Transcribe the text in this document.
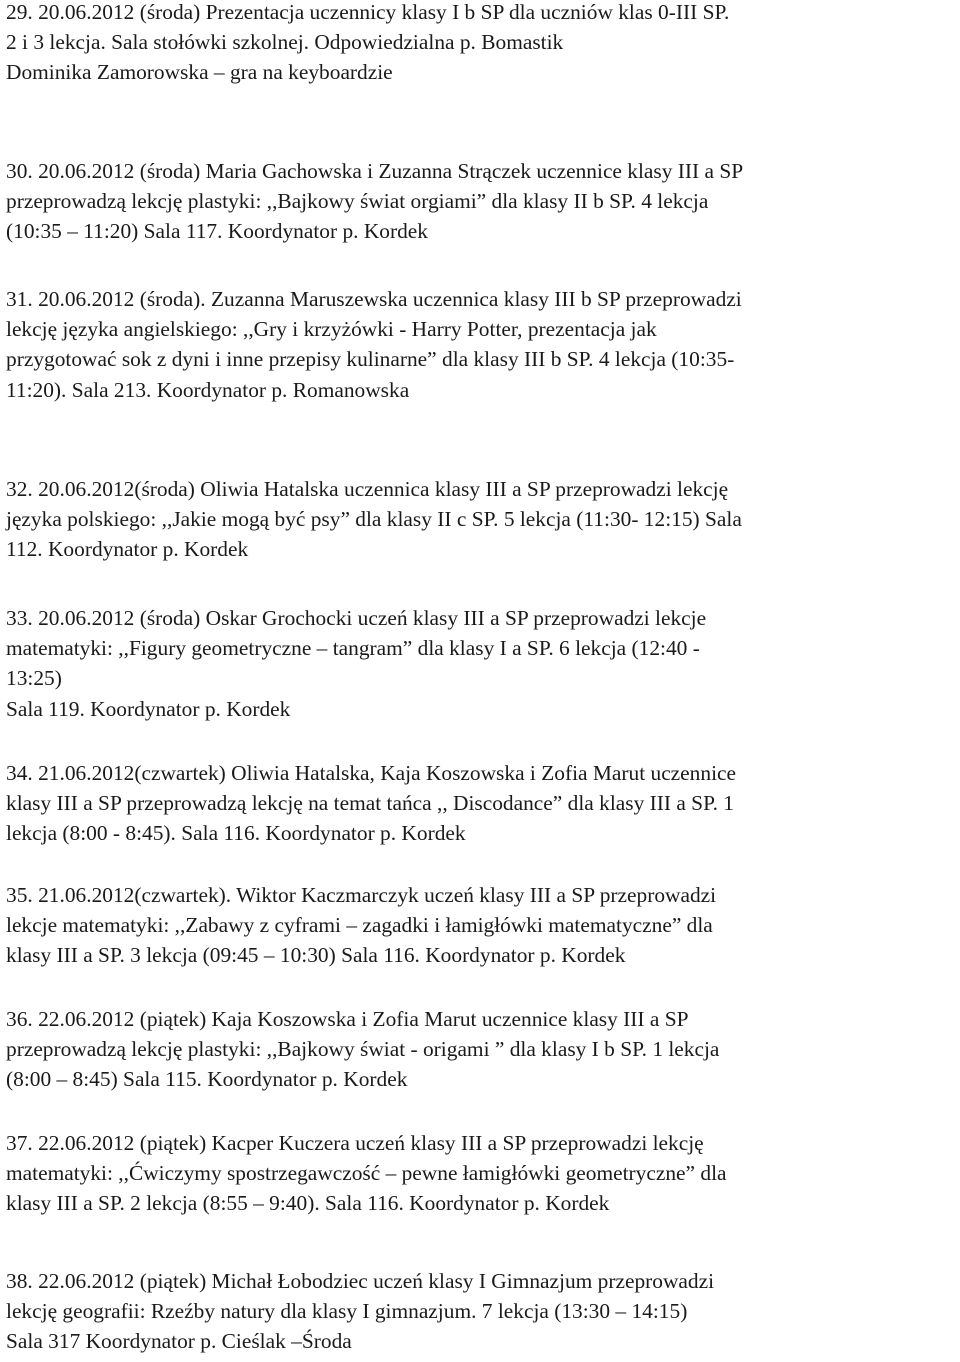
29. 20.06.2012 (środa) Prezentacja uczennicy klasy I b SP dla uczniów klas 0-III SP.
2 i 3 lekcja. Sala stołówki szkolnej. Odpowiedzialna p. Bomastik
Dominika Zamorowska – gra na keyboardzie
30. 20.06.2012 (środa) Maria Gachowska i Zuzanna Strączek uczennice klasy III a SP
przeprowadzą lekcję plastyki: ,,Bajkowy świat orgiami” dla klasy II b SP. 4 lekcja
(10:35 – 11:20) Sala 117. Koordynator p. Kordek
31. 20.06.2012 (środa). Zuzanna Maruszewska uczennica klasy III b SP przeprowadzi
lekcję języka angielskiego: ,,Gry i krzyżówki - Harry Potter, prezentacja jak
przygotować sok z dyni i inne przepisy kulinarne” dla klasy III b SP. 4 lekcja (10:35-
11:20). Sala 213. Koordynator p. Romanowska
32. 20.06.2012(środa) Oliwia Hatalska uczennica klasy III a SP przeprowadzi lekcję
języka polskiego: ,,Jakie mogą być psy” dla klasy II c SP. 5 lekcja (11:30- 12:15) Sala
112. Koordynator p. Kordek
33. 20.06.2012 (środa) Oskar Grochocki uczeń klasy III a SP przeprowadzi lekcje
matematyki: ,,Figury geometryczne – tangram” dla klasy I a SP. 6 lekcja (12:40 -
13:25)
Sala 119. Koordynator p. Kordek
34. 21.06.2012(czwartek) Oliwia Hatalska, Kaja Koszowska i Zofia Marut uczennice
klasy III a SP przeprowadzą lekcję na temat tańca ,, Discodance” dla klasy III a SP. 1
lekcja (8:00 - 8:45). Sala 116. Koordynator p. Kordek
35. 21.06.2012(czwartek). Wiktor Kaczmarczyk uczeń klasy III a SP przeprowadzi
lekcje matematyki: ,,Zabawy z cyframi – zagadki i łamigłówki matematyczne” dla
klasy III a SP. 3 lekcja (09:45 – 10:30) Sala 116. Koordynator p. Kordek
36. 22.06.2012 (piątek) Kaja Koszowska i Zofia Marut uczennice klasy III a SP
przeprowadzą lekcję plastyki: ,,Bajkowy świat - origami ” dla klasy I b SP. 1 lekcja
(8:00 – 8:45) Sala 115. Koordynator p. Kordek
37. 22.06.2012 (piątek) Kacper Kuczera uczeń klasy III a SP przeprowadzi lekcję
matematyki: ,,Ćwiczymy spostrzegawczość – pewne łamigłówki geometryczne” dla
klasy III a SP. 2 lekcja (8:55 – 9:40). Sala 116. Koordynator p. Kordek
38. 22.06.2012 (piątek) Michał Łobodziec uczeń klasy I Gimnazjum przeprowadzi
lekcję geografii: Rzeźby natury dla klasy I gimnazjum. 7 lekcja (13:30 – 14:15)
Sala 317 Koordynator p. Cieślak –Środa
